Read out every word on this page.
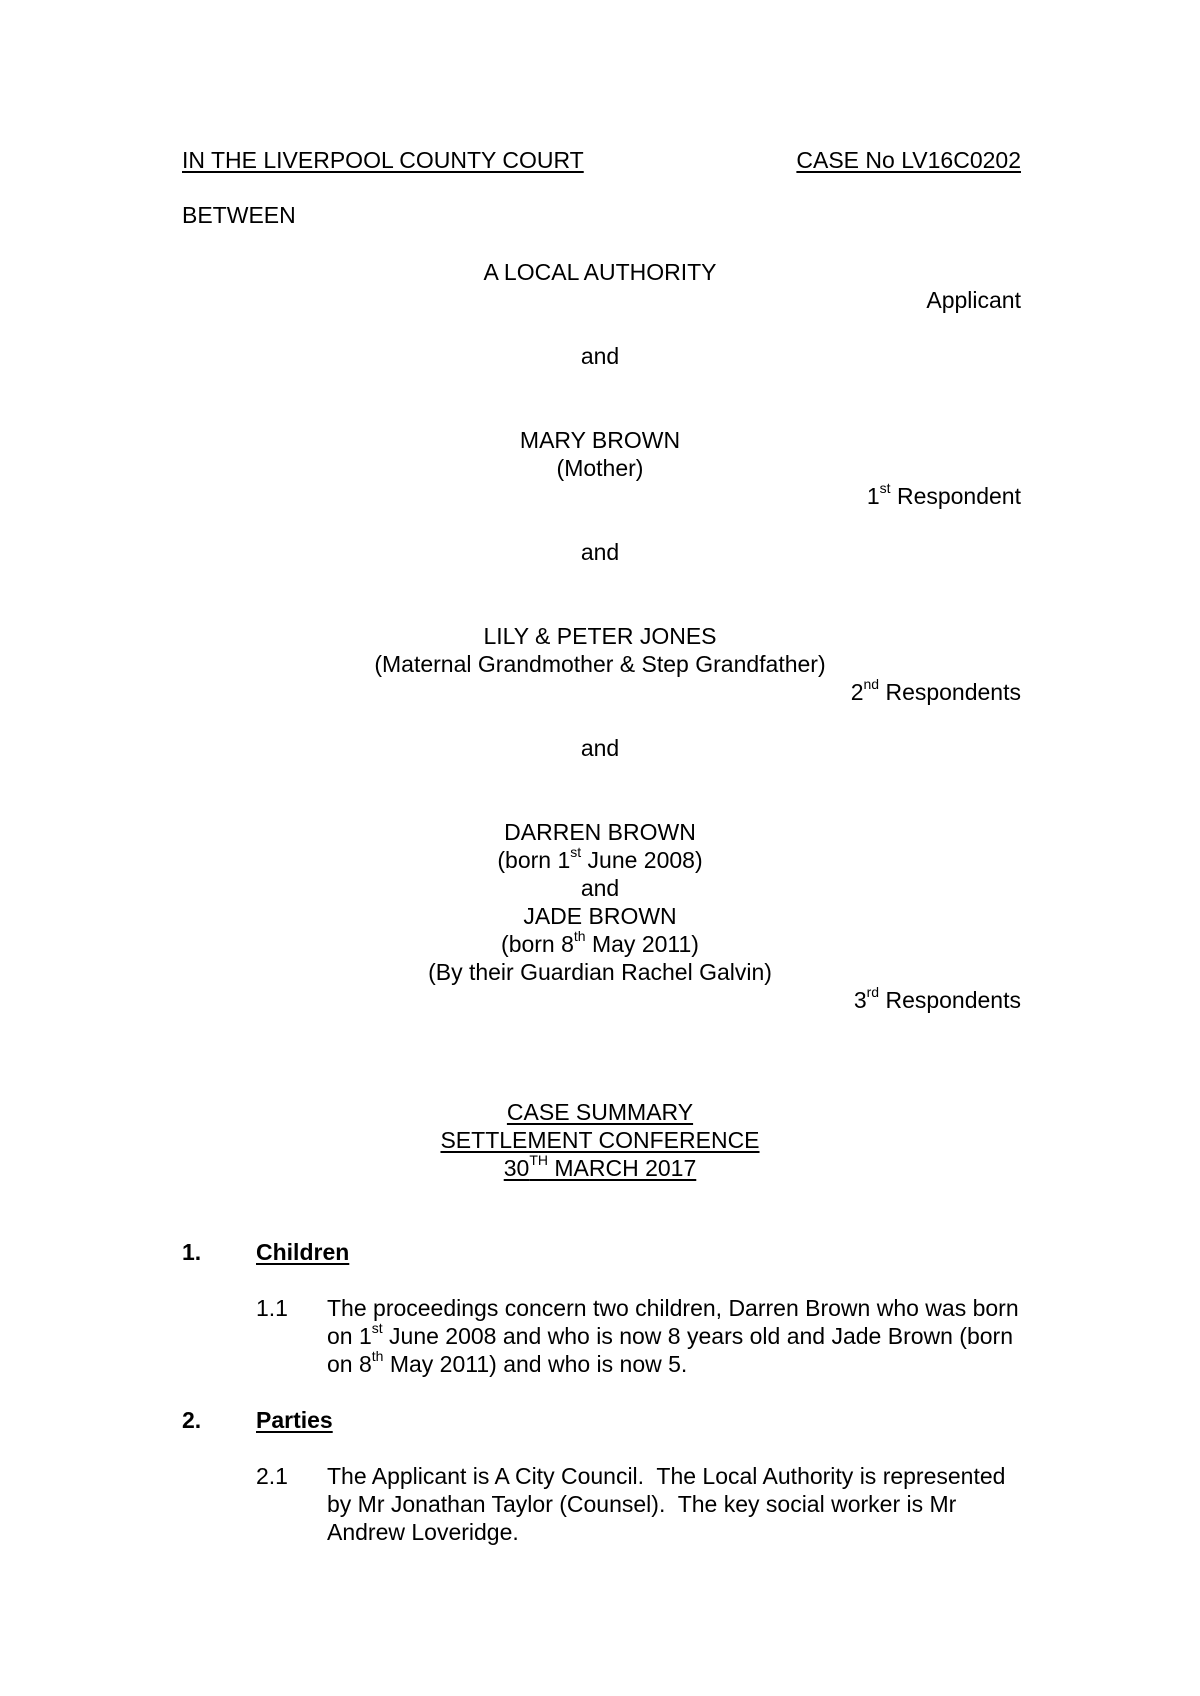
IN THE LIVERPOOL COUNTY COURT	CASE No LV16C0202
BETWEEN
A LOCAL AUTHORITY
Applicant
and
MARY BROWN
(Mother)
1st Respondent
and
LILY & PETER JONES
(Maternal Grandmother & Step Grandfather)
2nd Respondents
and
DARREN BROWN
(born 1st June 2008)
and
JADE BROWN
(born 8th May 2011)
(By their Guardian Rachel Galvin)
3rd Respondents
CASE SUMMARY
SETTLEMENT CONFERENCE
30TH MARCH 2017
1. Children
1.1 The proceedings concern two children, Darren Brown who was born on 1st June 2008 and who is now 8 years old and Jade Brown (born on 8th May 2011) and who is now 5.
2. Parties
2.1 The Applicant is A City Council.  The Local Authority is represented by Mr Jonathan Taylor (Counsel).  The key social worker is Mr Andrew Loveridge.
